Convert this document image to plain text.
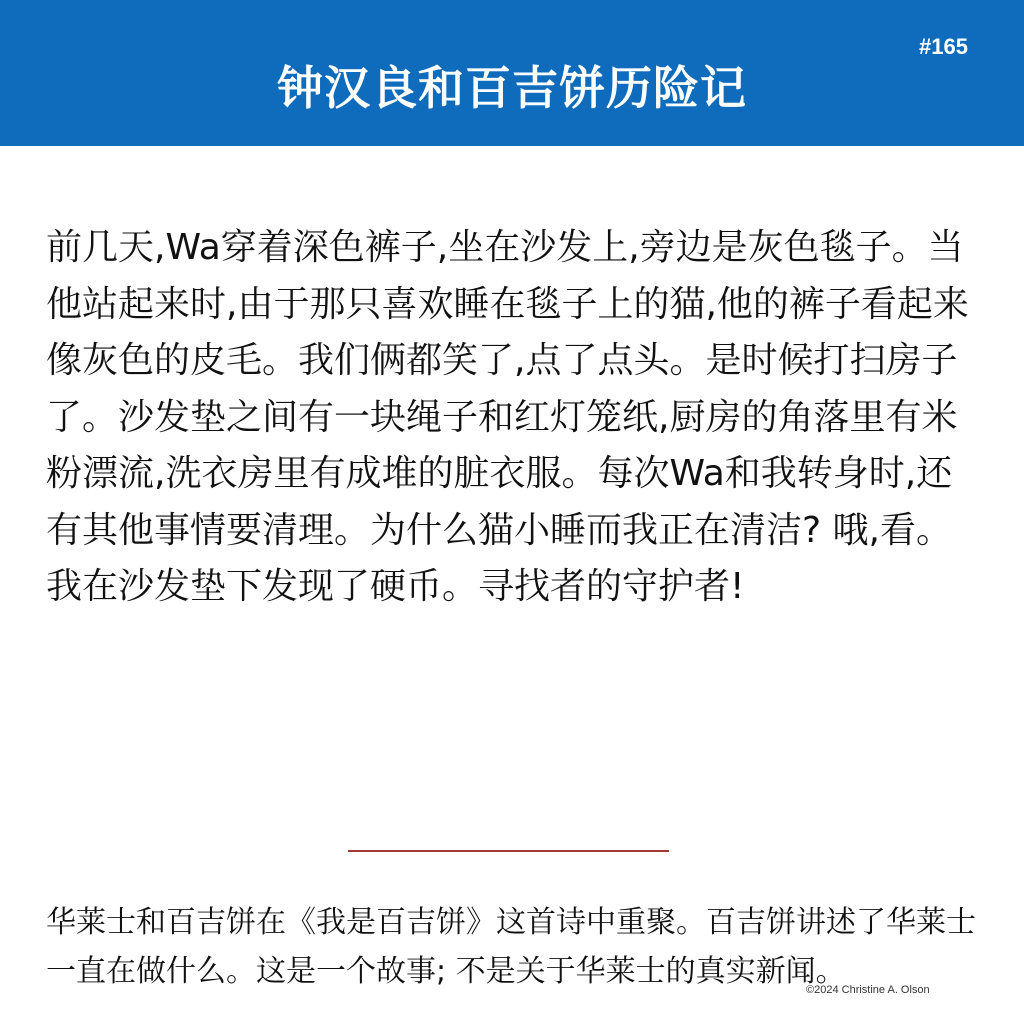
钟汉良和百吉饼历险记
#165

前几天,Wa穿着深色裤子,坐在沙发上,旁边是灰色毯子。当他站起来时,由于那只喜欢睡在毯子上的猫,他的裤子看起来像灰色的皮毛。我们俩都笑了,点了点头。是时候打扫房子了。沙发垫之间有一块绳子和红灯笼纸,厨房的角落里有米粉漂流,洗衣房里有成堆的脏衣服。每次Wa和我转身时,还有其他事情要清理。为什么猫小睡而我正在清洁? 哦,看。我在沙发垫下发现了硬币。寻找者的守护者!

华莱士和百吉饼在《我是百吉饼》这首诗中重聚。百吉饼讲述了华莱士一直在做什么。这是一个故事; 不是关于华莱士的真实新闻。

©2024 Christine A. Olson
